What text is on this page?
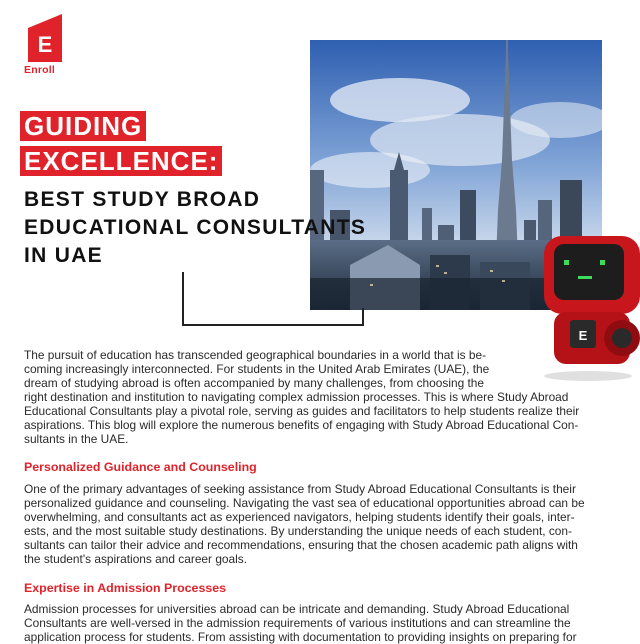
E
Enroll
GUIDING
EXCELLENCE:
BEST STUDY BROAD
EDUCATIONAL CONSULTANTS
IN UAE
E
The pursuit of education has transcended geographical boundaries in a world that is be-
coming increasingly interconnected. For students in the United Arab Emirates (UAE), the
dream of studying abroad is often accompanied by many challenges, from choosing the
right destination and institution to navigating complex admission processes. This is where Study Abroad
Educational Consultants play a pivotal role, serving as guides and facilitators to help students realize their
aspirations. This blog will explore the numerous benefits of engaging with Study Abroad Educational Con-
sultants in the UAE.
Personalized Guidance and Counseling
One of the primary advantages of seeking assistance from Study Abroad Educational Consultants is their
personalized guidance and counseling. Navigating the vast sea of educational opportunities abroad can be
overwhelming, and consultants act as experienced navigators, helping students identify their goals, inter-
ests, and the most suitable study destinations. By understanding the unique needs of each student, con-
sultants can tailor their advice and recommendations, ensuring that the chosen academic path aligns with
the student's aspirations and career goals.
Expertise in Admission Processes
Admission processes for universities abroad can be intricate and demanding. Study Abroad Educational
Consultants are well-versed in the admission requirements of various institutions and can streamline the
application process for students. From assisting with documentation to providing insights on preparing for
